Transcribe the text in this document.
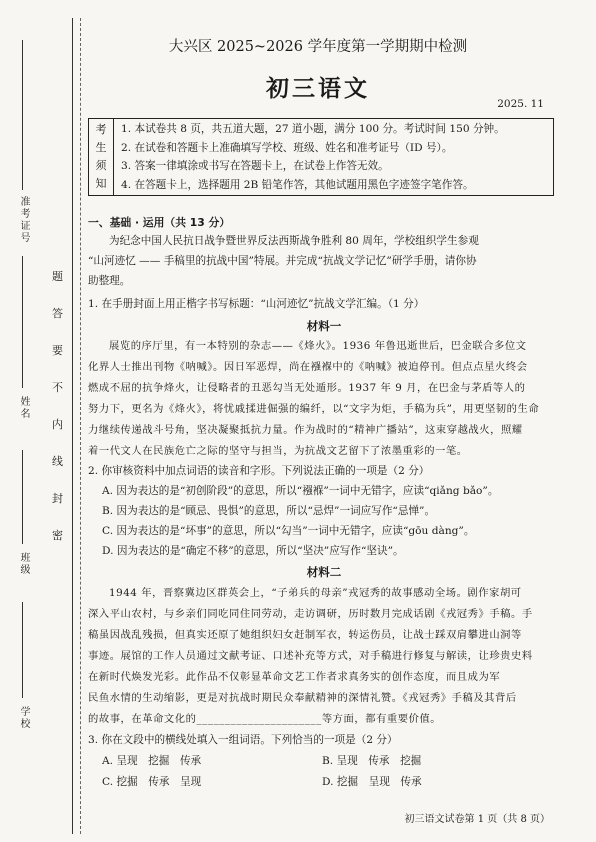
准考证号
姓名
班级
学校
题
答
要
不
内
线
封
密
大兴区 2025~2026 学年度第一学期期中检测
初三语文
2025. 11
考
生
须
知

1. 本试卷共 8 页，共五道大题，27 道小题，满分 100 分。考试时间 150 分钟。
2. 在试卷和答题卡上准确填写学校、班级、姓名和准考证号（ID 号）。
3. 答案一律填涂或书写在答题卡上，在试卷上作答无效。
4. 在答题卡上，选择题用 2B 铅笔作答，其他试题用黑色字迹签字笔作答。
一、基础 · 运用（共 13 分）
为纪念中国人民抗日战争暨世界反法西斯战争胜利 80 周年，学校组织学生参观
“山河迹忆 —— 手稿里的抗战中国”特展。并完成“抗战文学记忆”研学手册，请你协
助整理。
1. 在手册封面上用正楷字书写标题：“山河迹忆”抗战文学汇编。（1 分）
材料一
展览的序厅里，有一本特别的杂志——《烽火》。1936 年鲁迅逝世后，巴金联合多位文
化界人士推出刊物《呐喊》。因日军恶焊，尚在襁褓中的《呐喊》被迫停刊。但点点星火终会
燃成不屈的抗争烽火，让侵略者的丑恶勾当无处遁形。1937 年 9 月，在巴金与茅盾等人的
努力下，更名为《烽火》，将忧戚揉进倔强的编纤，以“文字为炬，手稿为兵”，用更坚韧的生命
力继续传递战斗号角，坚决凝聚抵抗力量。作为战时的“精神广播站”，这束穿越战火，照耀
着一代文人在民族危亡之际的坚守与担当，为抗战文艺留下了浓墨重彩的一笔。
2. 你审核资料中加点词语的读音和字形。下列说法正确的一项是（2 分）
A. 因为表达的是“初创阶段”的意思，所以“襁褓”一词中无错字，应读“qiǎng bǎo”。
B. 因为表达的是“顾忌、畏惧”的意思，所以“忌焊”一词应写作“忌惮”。
C. 因为表达的是“坏事”的意思，所以“勾当”一词中无错字，应读“gōu dàng”。
D. 因为表达的是“确定不移”的意思，所以“坚决”应写作“坚诀”。
材料二
1944 年，晋察冀边区群英会上，“子弟兵的母亲”戎冠秀的故事感动全场。剧作家胡可
深入平山农村，与乡亲们同吃同住同劳动，走访调研，历时数月完成话剧《戎冠秀》手稿。手
稿虽因战乱残损，但真实还原了她组织妇女赶制军衣，转运伤员，让战士踩双肩攀进山洞等
事迹。展馆的工作人员通过文献考证、口述补充等方式，对手稿进行修复与解读，让珍贵史料
在新时代焕发光彩。此作品不仅彰显革命文艺工作者求真务实的创作态度，而且成为军
民鱼水情的生动缩影，更是对抗战时期民众奉献精神的深情礼赞。《戎冠秀》手稿及其背后
的故事，在革命文化的______________________等方面，都有重要价值。
3. 你在文段中的横线处填入一组词语。下列恰当的一项是（2 分）
A. 呈现　挖掘　传承	B. 呈现　传承　挖掘
C. 挖掘　传承　呈现	D. 挖掘　呈现　传承
初三语文试卷第 1 页（共 8 页）
